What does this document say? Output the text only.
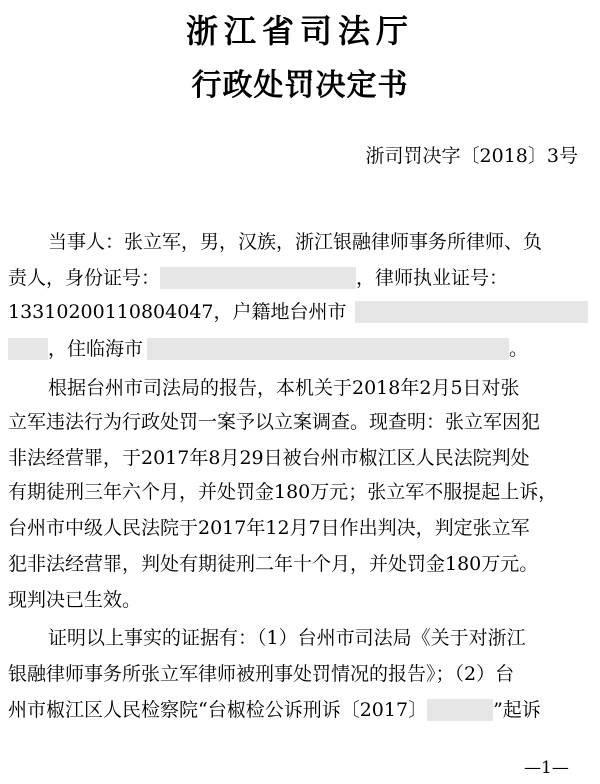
浙江省司法厅
行政处罚决定书
浙司罚决字〔2018〕3号
当事人：张立军，男，汉族，浙江银融律师事务所律师、负
责人，身份证号：	，律师执业证号：
13310200110804047，户籍地台州市
，住临海市	。
根据台州市司法局的报告，本机关于2018年2月5日对张
立军违法行为行政处罚一案予以立案调查。现查明：张立军因犯
非法经营罪，于2017年8月29日被台州市椒江区人民法院判处
有期徒刑三年六个月，并处罚金180万元；张立军不服提起上诉，
台州市中级人民法院于2017年12月7日作出判决，判定张立军
犯非法经营罪，判处有期徒刑二年十个月，并处罚金180万元。
现判决已生效。
证明以上事实的证据有：（1）台州市司法局《关于对浙江
银融律师事务所张立军律师被刑事处罚情况的报告》；（2）台
州市椒江区人民检察院“台椒检公诉刑诉〔2017〕	”起诉
—1—
